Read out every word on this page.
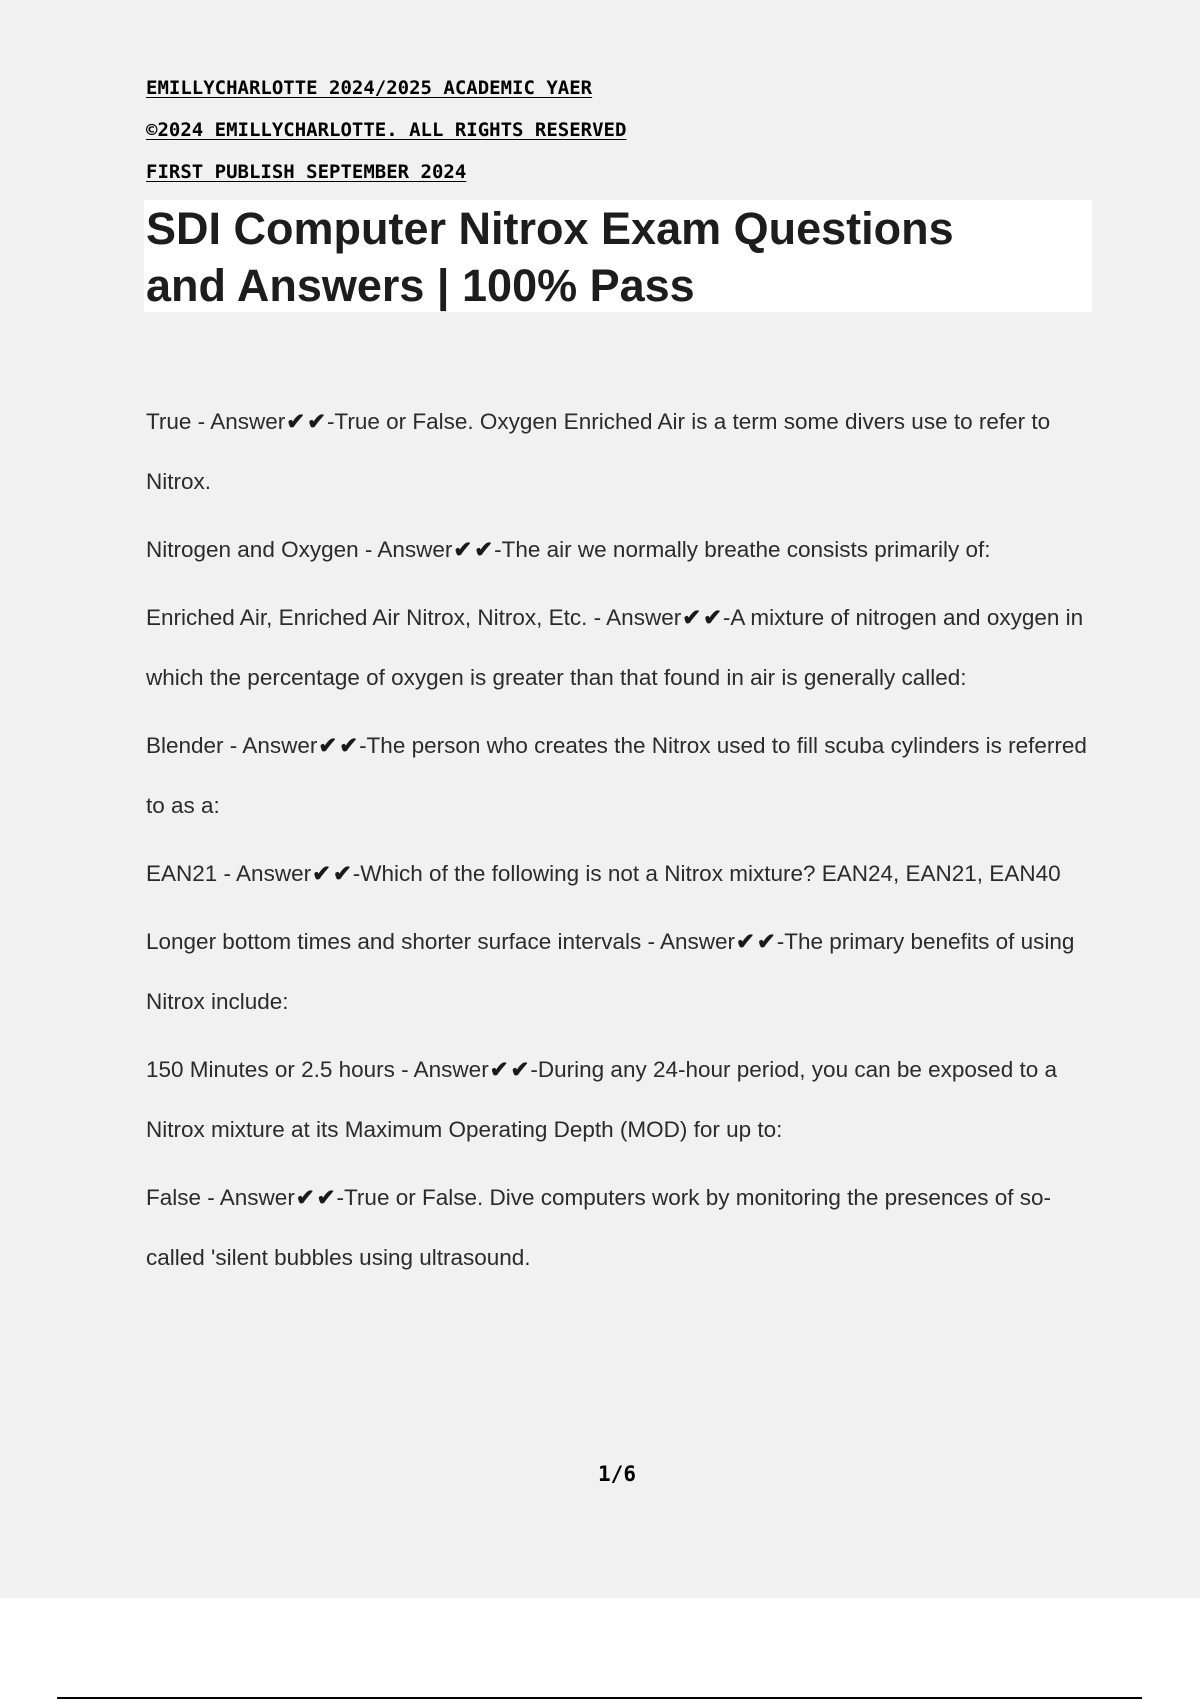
EMILLYCHARLOTTE 2024/2025 ACADEMIC YAER
©2024 EMILLYCHARLOTTE. ALL RIGHTS RESERVED
FIRST PUBLISH SEPTEMBER 2024
SDI Computer Nitrox Exam Questions
and Answers | 100% Pass

True - Answer✔✔-True or False. Oxygen Enriched Air is a term some divers use to refer to Nitrox.

Nitrogen and Oxygen - Answer✔✔-The air we normally breathe consists primarily of:

Enriched Air, Enriched Air Nitrox, Nitrox, Etc. - Answer✔✔-A mixture of nitrogen and oxygen in which the percentage of oxygen is greater than that found in air is generally called:

Blender - Answer✔✔-The person who creates the Nitrox used to fill scuba cylinders is referred to as a:

EAN21 - Answer✔✔-Which of the following is not a Nitrox mixture? EAN24, EAN21, EAN40

Longer bottom times and shorter surface intervals - Answer✔✔-The primary benefits of using Nitrox include:

150 Minutes or 2.5 hours - Answer✔✔-During any 24-hour period, you can be exposed to a Nitrox mixture at its Maximum Operating Depth (MOD) for up to:

False - Answer✔✔-True or False. Dive computers work by monitoring the presences of so-called 'silent bubbles using ultrasound.

1/6
